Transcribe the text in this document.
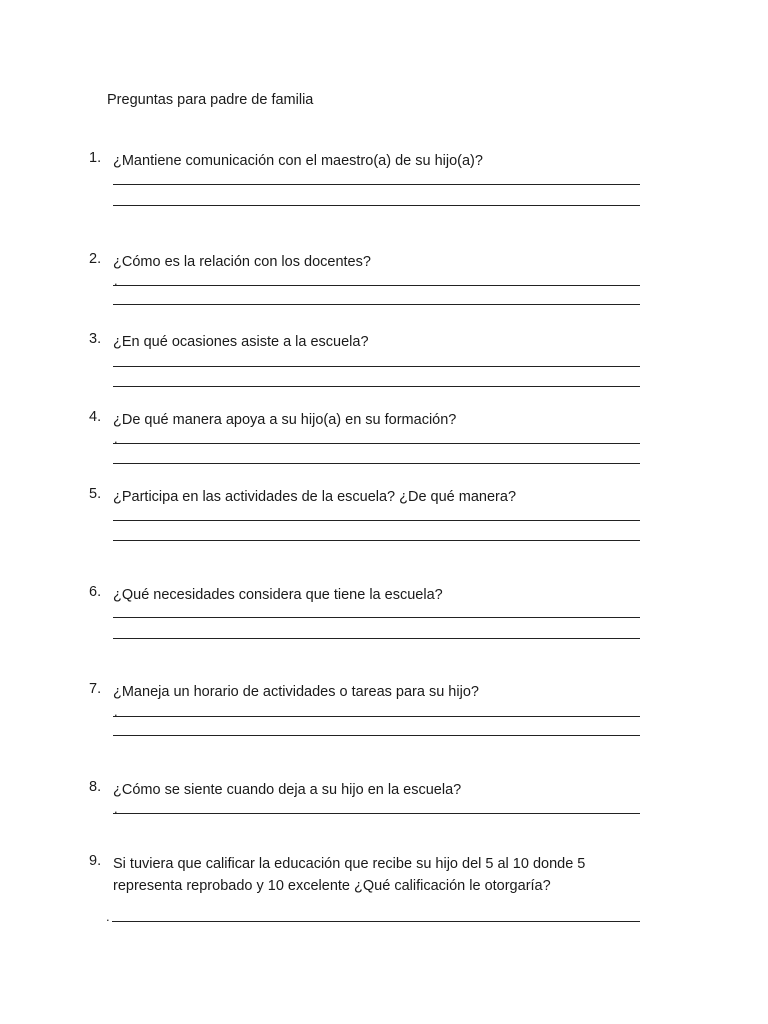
Preguntas para padre de familia
1. ¿Mantiene comunicación con el maestro(a) de su hijo(a)?
2. ¿Cómo es la relación con los docentes?
.
3. ¿En qué ocasiones asiste a la escuela?
4. ¿De qué manera apoya a su hijo(a) en su formación?
.
5. ¿Participa en las actividades de la escuela? ¿De qué manera?
6. ¿Qué necesidades considera que tiene la escuela?
7. ¿Maneja un horario de actividades o tareas para su hijo?
.
8. ¿Cómo se siente cuando deja a su hijo en la escuela?
.
9. Si tuviera que calificar la educación que recibe su hijo del 5 al 10 donde 5 representa reprobado y 10 excelente ¿Qué calificación le otorgaría?
.
